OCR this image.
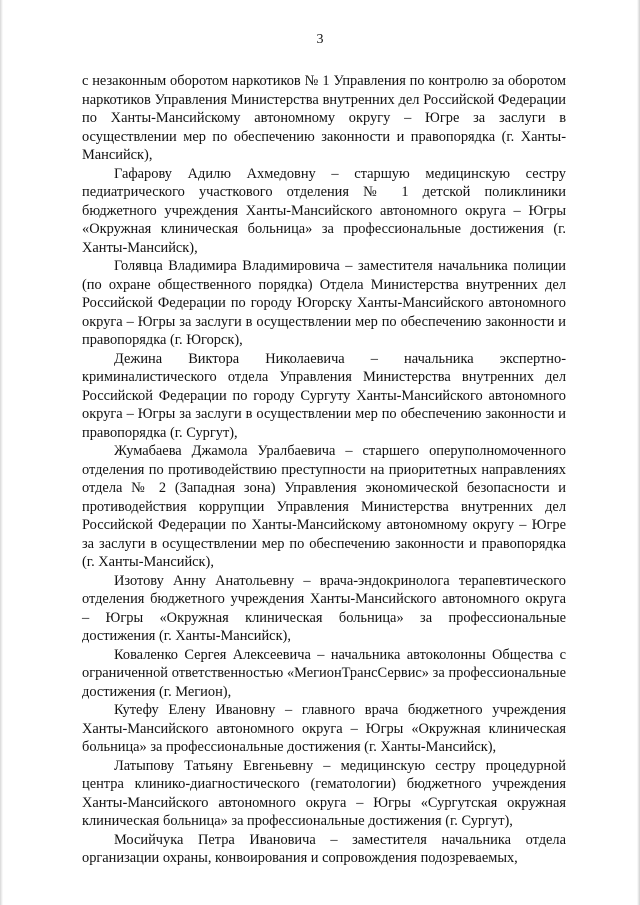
3

с незаконным оборотом наркотиков № 1 Управления по контролю за оборотом наркотиков Управления Министерства внутренних дел Российской Федерации по Ханты-Мансийскому автономному округу – Югре за заслуги в осуществлении мер по обеспечению законности и правопорядка (г. Ханты-Мансийск),

Гафарову Адилю Ахмедовну – старшую медицинскую сестру педиатрического участкового отделения № 1 детской поликлиники бюджетного учреждения Ханты-Мансийского автономного округа – Югры «Окружная клиническая больница» за профессиональные достижения (г. Ханты-Мансийск),

Голявца Владимира Владимировича – заместителя начальника полиции (по охране общественного порядка) Отдела Министерства внутренних дел Российской Федерации по городу Югорску Ханты-Мансийского автономного округа – Югры за заслуги в осуществлении мер по обеспечению законности и правопорядка (г. Югорск),

Дежина Виктора Николаевича – начальника экспертно-криминалистического отдела Управления Министерства внутренних дел Российской Федерации по городу Сургуту Ханты-Мансийского автономного округа – Югры за заслуги в осуществлении мер по обеспечению законности и правопорядка (г. Сургут),

Жумабаева Джамола Уралбаевича – старшего оперуполномоченного отделения по противодействию преступности на приоритетных направлениях отдела № 2 (Западная зона) Управления экономической безопасности и противодействия коррупции Управления Министерства внутренних дел Российской Федерации по Ханты-Мансийскому автономному округу – Югре за заслуги в осуществлении мер по обеспечению законности и правопорядка (г. Ханты-Мансийск),

Изотову Анну Анатольевну – врача-эндокринолога терапевтического отделения бюджетного учреждения Ханты-Мансийского автономного округа – Югры «Окружная клиническая больница» за профессиональные достижения (г. Ханты-Мансийск),

Коваленко Сергея Алексеевича – начальника автоколонны Общества с ограниченной ответственностью «МегионТрансСервис» за профессиональные достижения (г. Мегион),

Кутефу Елену Ивановну – главного врача бюджетного учреждения Ханты-Мансийского автономного округа – Югры «Окружная клиническая больница» за профессиональные достижения (г. Ханты-Мансийск),

Латыпову Татьяну Евгеньевну – медицинскую сестру процедурной центра клинико-диагностического (гематологии) бюджетного учреждения Ханты-Мансийского автономного округа – Югры «Сургутская окружная клиническая больница» за профессиональные достижения (г. Сургут),

Мосийчука Петра Ивановича – заместителя начальника отдела организации охраны, конвоирования и сопровождения подозреваемых,
